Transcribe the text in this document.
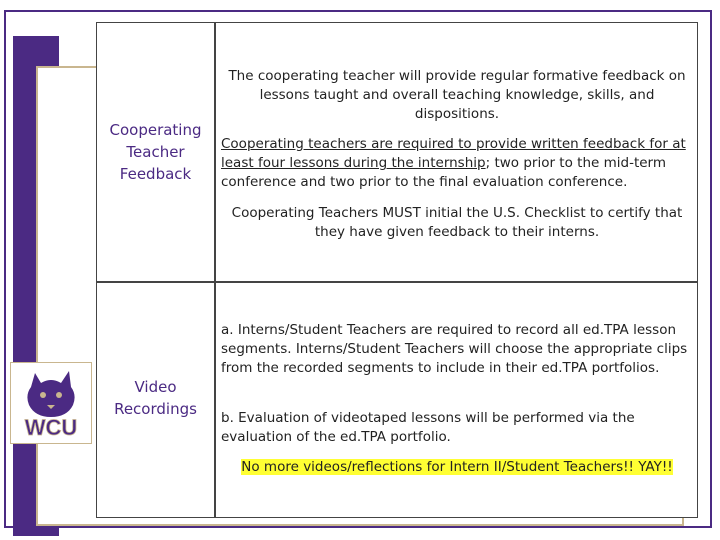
Cooperating
Teacher
Feedback
The cooperating teacher will provide regular formative feedback on lessons taught and overall teaching knowledge, skills, and dispositions.
Cooperating teachers are required to provide written feedback for at least four lessons during the internship; two prior to the mid-term conference and two prior to the final evaluation conference.
Cooperating Teachers MUST initial the U.S. Checklist to certify that they have given feedback to their interns.
Video
Recordings
a. Interns/Student Teachers are required to record all ed.TPA lesson segments. Interns/Student Teachers will choose the appropriate clips from the recorded segments to include in their ed.TPA portfolios.
b. Evaluation of videotaped lessons will be performed via the evaluation of the ed.TPA portfolio.
No more videos/reflections for Intern II/Student Teachers!! YAY!!
WCU
